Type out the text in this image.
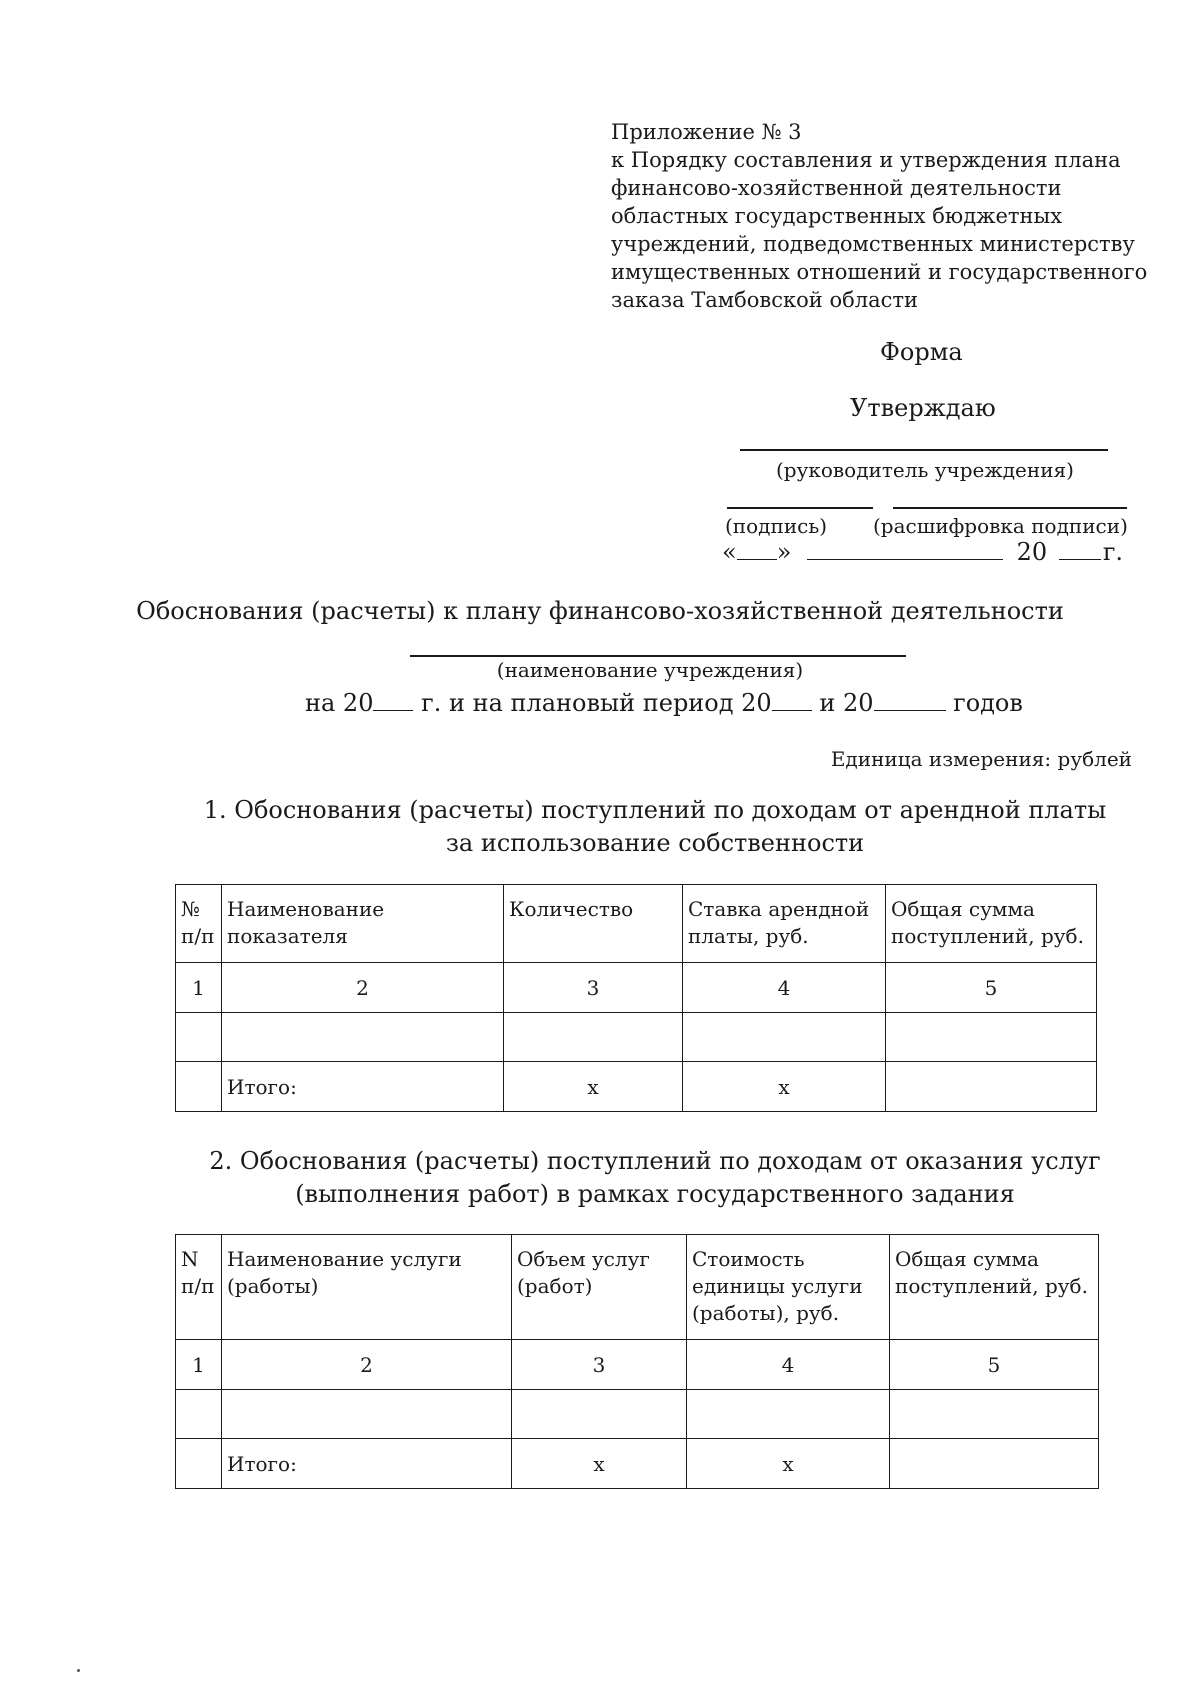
Приложение № 3
к Порядку составления и утверждения плана
финансово-хозяйственной деятельности
областных государственных бюджетных
учреждений, подведомственных министерству
имущественных отношений и государственного
заказа Тамбовской области
Форма
Утверждаю
(руководитель учреждения)
(подпись) (расшифровка подписи)
« »	20 г.
Обоснования (расчеты) к плану финансово-хозяйственной деятельности
(наименование учреждения)
на 20 г. и на плановый период 20 и 20	годов
Единица измерения: рублей
1. Обоснования (расчеты) поступлений по доходам от арендной платы
за использование собственности
№ п/п	Наименование показателя	Количество	Ставка арендной платы, руб.	Общая сумма поступлений, руб.
1	2	3	4	5

	Итого:	x	x	
2. Обоснования (расчеты) поступлений по доходам от оказания услуг
(выполнения работ) в рамках государственного задания
N п/п	Наименование услуги (работы)	Объем услуг (работ)	Стоимость единицы услуги (работы), руб.	Общая сумма поступлений, руб.
1	2	3	4	5

	Итого:	x	x	
